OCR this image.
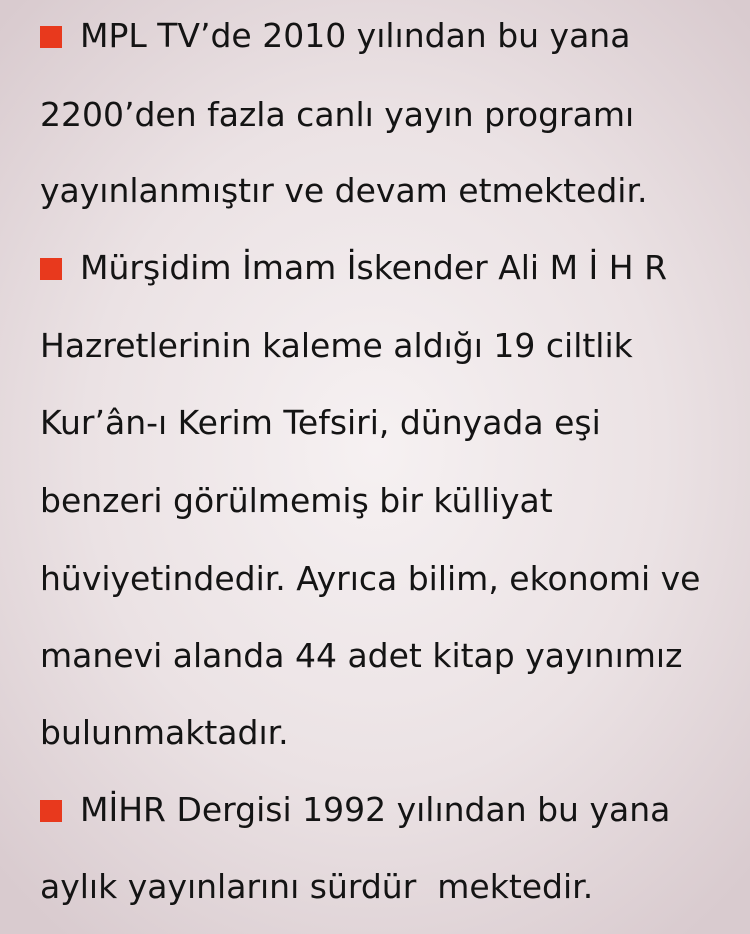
MPL TV’de 2010 yılından bu yana
2200’den fazla canlı yayın programı
yayınlanmıştır ve devam etmektedir.
Mürşidim İmam İskender Ali M İ H R
Hazretlerinin kaleme aldığı 19 ciltlik
Kur’ân-ı Kerim Tefsiri, dünyada eşi
benzeri görülmemiş bir külliyat
hüviyetindedir. Ayrıca bilim, ekonomi ve
manevi alanda 44 adet kitap yayınımız
bulunmaktadır.
MİHR Dergisi 1992 yılından bu yana
aylık yayınlarını sürdür  mektedir.
